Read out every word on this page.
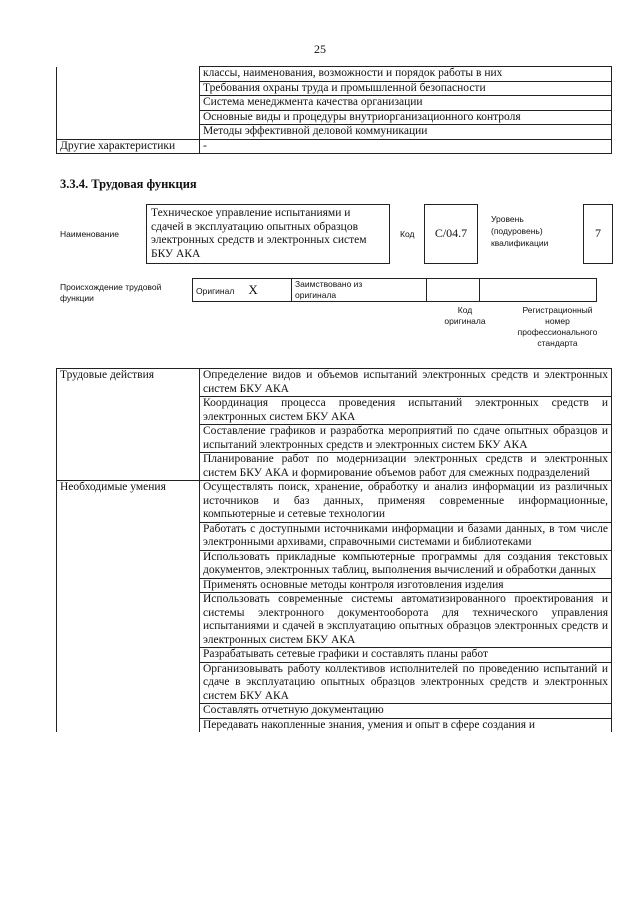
25
	классы, наименования, возможности и порядок работы в них
	Требования охраны труда и промышленной безопасности
	Система менеджмента качества организации
	Основные виды и процедуры внутриорганизационного контроля
	Методы эффективной деловой коммуникации
Другие характеристики	-
3.3.4. Трудовая функция
Наименование
Техническое управление испытаниями и сдачей в эксплуатацию опытных образцов электронных средств и электронных систем БКУ АКА
Код	C/04.7
Уровень
(подуровень)
квалификации
7
Происхождение трудовой
функции
Оригинал X	Заимствовано из
оригинала		
Код
оригинала
Регистрационный
номер
профессионального
стандарта
Трудовые действия	Определение видов и объемов испытаний электронных средств и электронных систем БКУ АКА
	Координация процесса проведения испытаний электронных средств и электронных систем БКУ АКА
	Составление графиков и разработка мероприятий по сдаче опытных образцов и испытаний электронных средств и электронных систем БКУ АКА
	Планирование работ по модернизации электронных средств и электронных систем БКУ АКА и формирование объемов работ для смежных подразделений
Необходимые умения	Осуществлять поиск, хранение, обработку и анализ информации из различных источников и баз данных, применяя современные информационные, компьютерные и сетевые технологии
	Работать с доступными источниками информации и базами данных, в том числе электронными архивами, справочными системами и библиотеками
	Использовать прикладные компьютерные программы для создания текстовых документов, электронных таблиц, выполнения вычислений и обработки данных
	Применять основные методы контроля изготовления изделия
	Использовать современные системы автоматизированного проектирования и системы электронного документооборота для технического управления испытаниями и сдачей в эксплуатацию опытных образцов электронных средств и электронных систем БКУ АКА
	Разрабатывать сетевые графики и составлять планы работ
	Организовывать работу коллективов исполнителей по проведению испытаний и сдаче в эксплуатацию опытных образцов электронных средств и электронных систем БКУ АКА
	Составлять отчетную документацию
	Передавать накопленные знания, умения и опыт в сфере создания и
